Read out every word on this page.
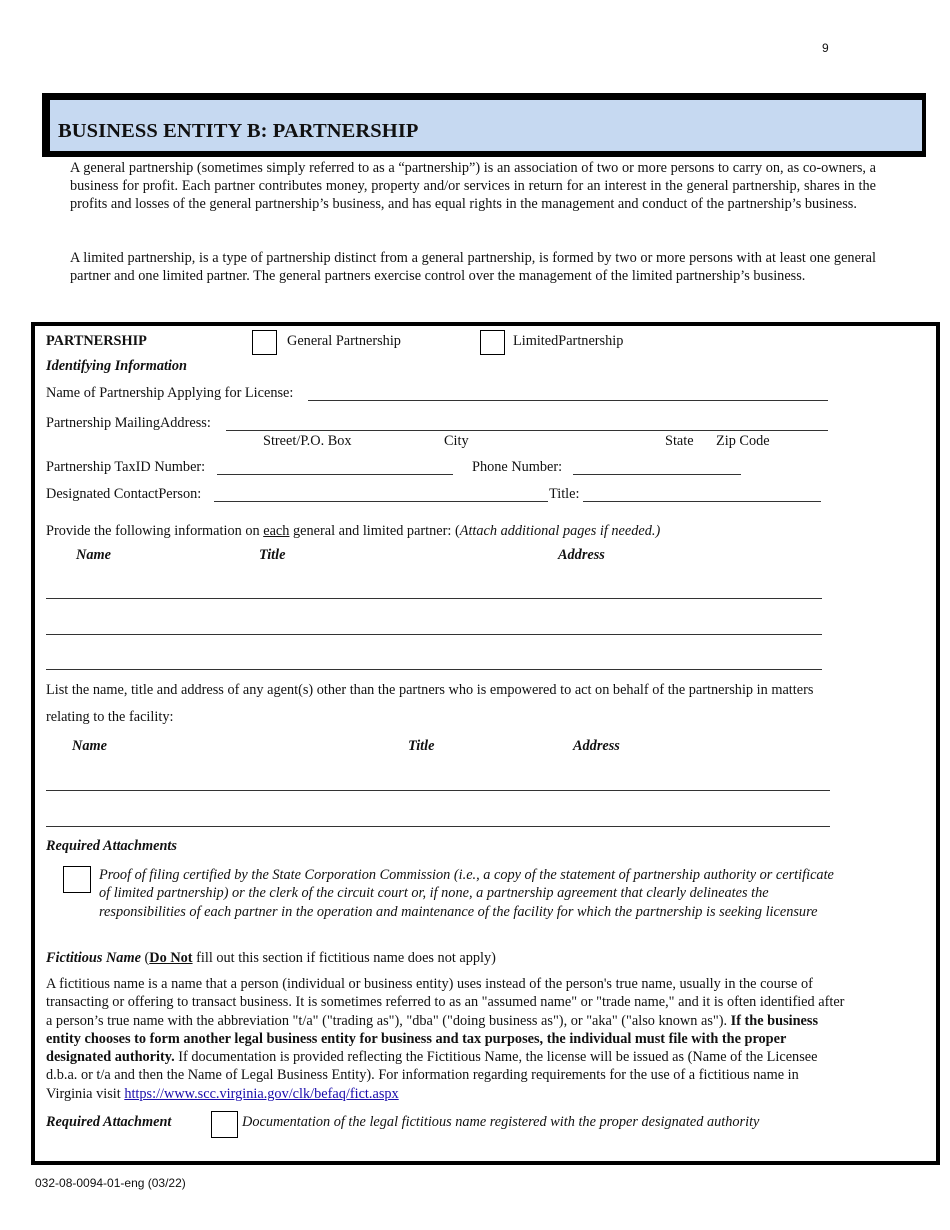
9
BUSINESS ENTITY B: PARTNERSHIP
A general partnership (sometimes simply referred to as a “partnership”) is an association of two or more persons to carry on, as co-owners, a business for profit. Each partner contributes money, property and/or services in return for an interest in the general partnership, shares in the profits and losses of the general partnership’s business, and has equal rights in the management and conduct of the partnership’s business.
A limited partnership, is a type of partnership distinct from a general partnership, is formed by two or more persons with at least one general partner and one limited partner. The general partners exercise control over the management of the limited partnership’s business.
PARTNERSHIP	General Partnership	LimitedPartnership
Identifying Information
Name of Partnership Applying for License:
Partnership MailingAddress:
Street/P.O. Box	City	State Zip Code
Partnership TaxID Number:	Phone Number:
Designated ContactPerson:	Title:
Provide the following information on each general and limited partner: (Attach additional pages if needed.)
Name	Title	Address
List the name, title and address of any agent(s) other than the partners who is empowered to act on behalf of the partnership in matters
relating to the facility:
Name	Title	Address
Required Attachments
Proof of filing certified by the State Corporation Commission (i.e., a copy of the statement of partnership authority or certificate of limited partnership) or the clerk of the circuit court or, if none, a partnership agreement that clearly delineates the responsibilities of each partner in the operation and maintenance of the facility for which the partnership is seeking licensure
Fictitious Name (Do Not fill out this section if fictitious name does not apply)
A fictitious name is a name that a person (individual or business entity) uses instead of the person's true name, usually in the course of transacting or offering to transact business. It is sometimes referred to as an "assumed name" or "trade name," and it is often identified after a person’s true name with the abbreviation "t/a" ("trading as"), "dba" ("doing business as"), or "aka" ("also known as"). If the business entity chooses to form another legal business entity for business and tax purposes, the individual must file with the proper designated authority. If documentation is provided reflecting the Fictitious Name, the license will be issued as (Name of the Licensee d.b.a. or t/a and then the Name of Legal Business Entity). For information regarding requirements for the use of a fictitious name in Virginia visit https://www.scc.virginia.gov/clk/befaq/fict.aspx
Required Attachment	Documentation of the legal fictitious name registered with the proper designated authority
032-08-0094-01-eng (03/22)
